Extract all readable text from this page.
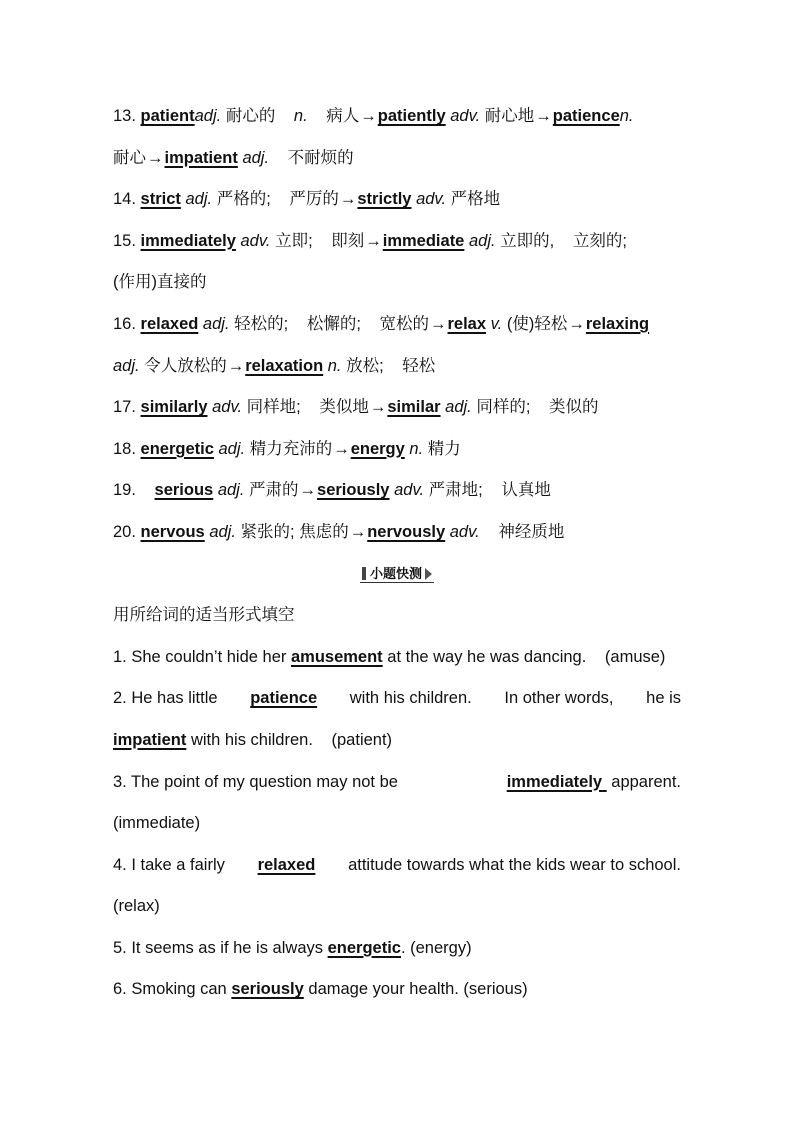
13. patientadj. 耐心的 n. 病人→patiently adv. 耐心地→patiencen.
耐心→impatient adj. 不耐烦的
14. strict adj. 严格的; 严厉的→strictly adv. 严格地
15. immediately adv. 立即; 即刻→immediate adj. 立即的, 立刻的;
(作用)直接的
16. relaxed adj. 轻松的; 松懈的; 宽松的→relax v. (使)轻松→relaxing
adj. 令人放松的→relaxation n. 放松; 轻松
17. similarly adv. 同样地; 类似地→similar adj. 同样的; 类似的
18. energetic adj. 精力充沛的→energy n. 精力
19. serious adj. 严肃的→seriously adv. 严肃地; 认真地
20. nervous adj. 紧张的; 焦虑的→nervously adv. 神经质地
小题快测
用所给词的适当形式填空
1. She couldn’t hide her amusement at the way he was dancing. (amuse)
2. He has little patience with his children. In other words, he is
impatient with his children. (patient)
3. The point of my question may not be	immediately apparent.
(immediate)
4. I take a fairly relaxed attitude towards what the kids wear to school.
(relax)
5. It seems as if he is always energetic. (energy)
6. Smoking can seriously damage your health. (serious)
